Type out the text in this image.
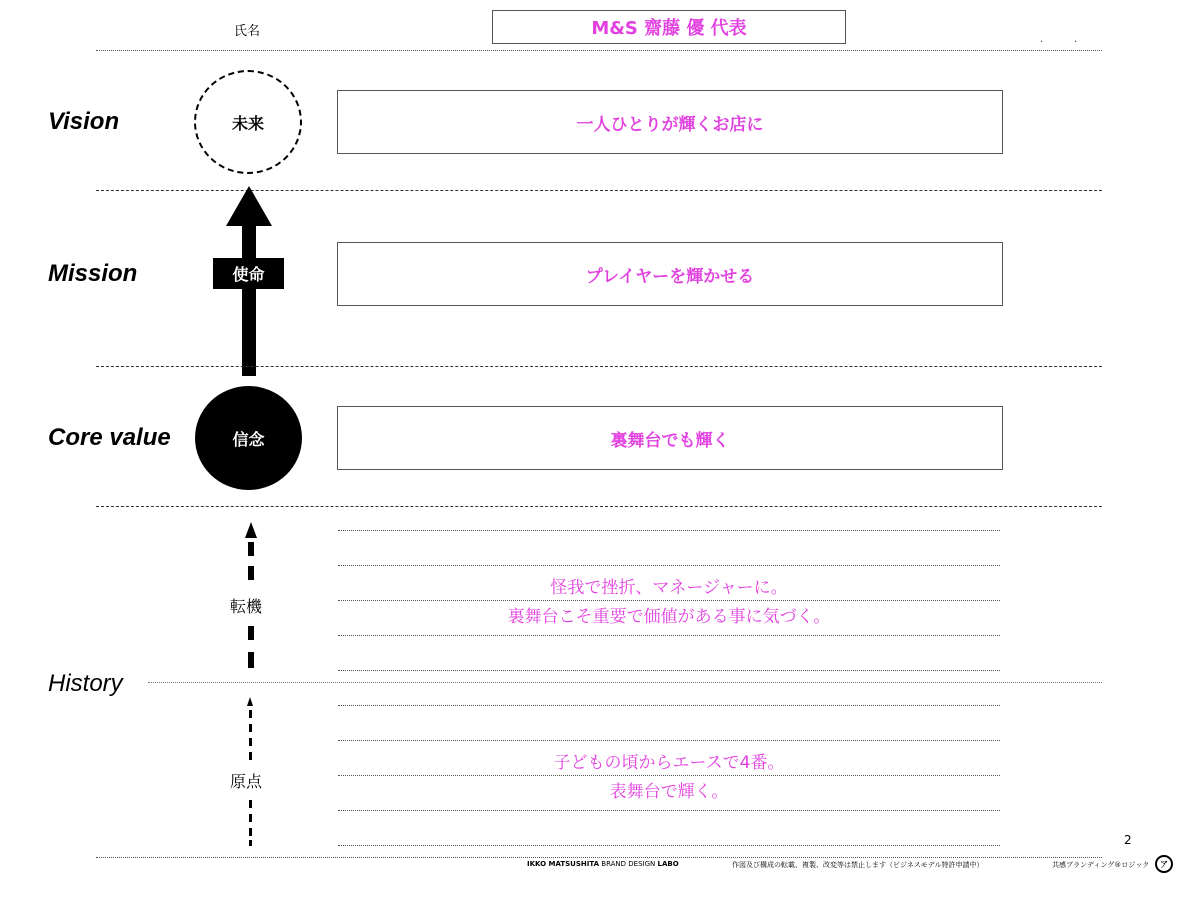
氏名	M&S 齋藤 優 代表
.	.
Vision	未来	一人ひとりが輝くお店に
使命
Mission	プレイヤーを輝かせる
Core value	信念	裏舞台でも輝く
転機
原点
History
怪我で挫折、マネージャーに。
裏舞台こそ重要で価値がある事に気づく。
子どもの頃からエースで4番。
表舞台で輝く。
2
IKKO MATSUSHITA BRAND DESIGN LABO	作図及び構成の転載、複製、改変等は禁止します（ビジネスモデル特許申請中）	共感ブランディング®ロジック ア
